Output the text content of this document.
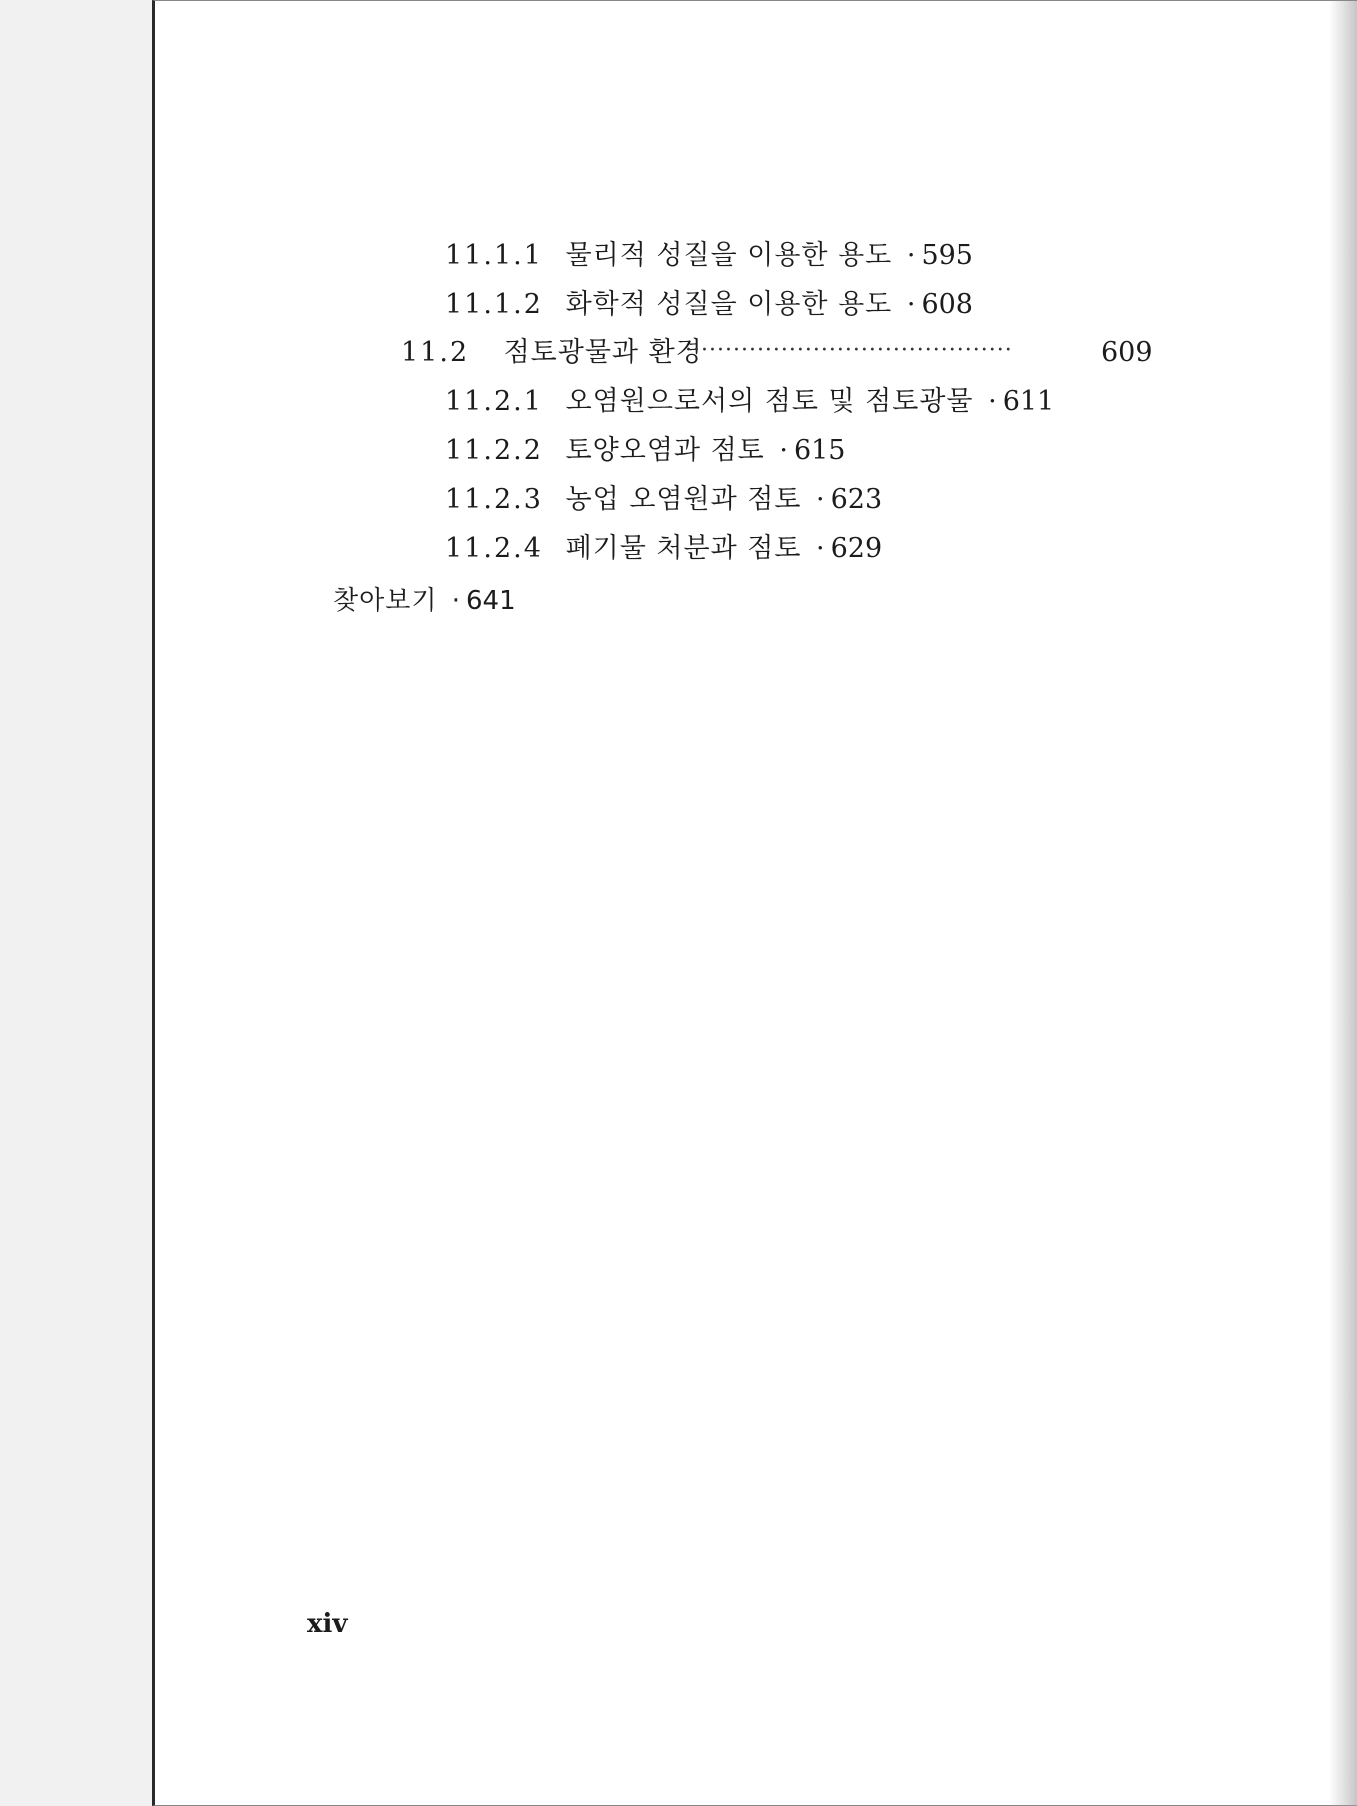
11.1.1 물리적 성질을 이용한 용도 · 595
11.1.2 화학적 성질을 이용한 용도 · 608
11.2 점토광물과 환경
·········································	609
11.2.1 오염원으로서의 점토 및 점토광물 · 611
11.2.2 토양오염과 점토 · 615
11.2.3 농업 오염원과 점토 · 623
11.2.4 폐기물 처분과 점토 · 629
찾아보기 · 641
xiv
